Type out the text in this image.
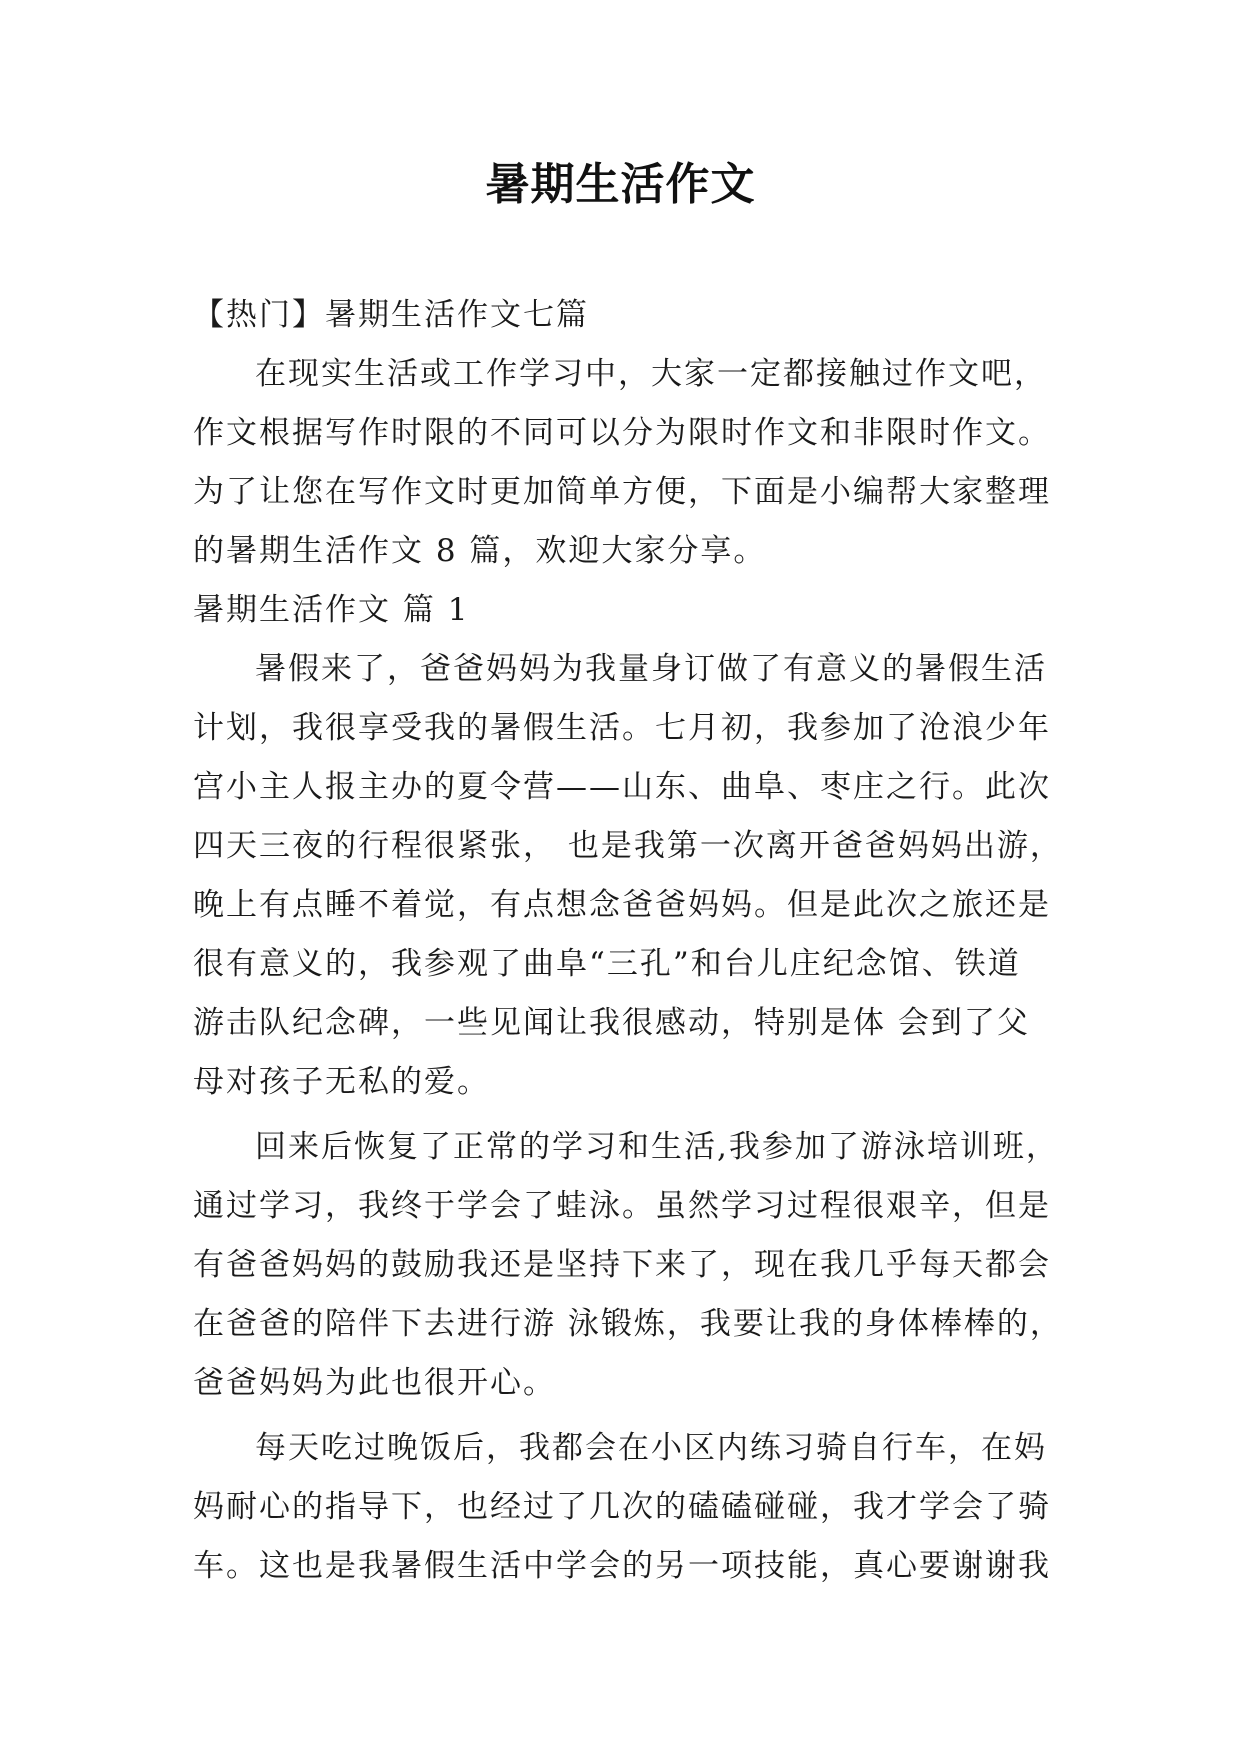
暑期生活作文
【热门】暑期生活作文七篇
在现实生活或工作学习中，大家一定都接触过作文吧，
作文根据写作时限的不同可以分为限时作文和非限时作文。
为了让您在写作文时更加简单方便，下面是小编帮大家整理
的暑期生活作文 8 篇，欢迎大家分享。
暑期生活作文 篇 1
暑假来了，爸爸妈妈为我量身订做了有意义的暑假生活
计划，我很享受我的暑假生活。七月初，我参加了沧浪少年
宫小主人报主办的夏令营——山东、曲阜、枣庄之行。此次
四天三夜的行程很紧张， 也是我第一次离开爸爸妈妈出游，
晚上有点睡不着觉，有点想念爸爸妈妈。但是此次之旅还是
很有意义的，我参观了曲阜“三孔”和台儿庄纪念馆、铁道
游击队纪念碑，一些见闻让我很感动，特别是体 会到了父
母对孩子无私的爱。
回来后恢复了正常的学习和生活,我参加了游泳培训班，
通过学习，我终于学会了蛙泳。虽然学习过程很艰辛，但是
有爸爸妈妈的鼓励我还是坚持下来了，现在我几乎每天都会
在爸爸的陪伴下去进行游 泳锻炼，我要让我的身体棒棒的，
爸爸妈妈为此也很开心。
每天吃过晚饭后，我都会在小区内练习骑自行车，在妈
妈耐心的指导下，也经过了几次的磕磕碰碰，我才学会了骑
车。这也是我暑假生活中学会的另一项技能，真心要谢谢我
